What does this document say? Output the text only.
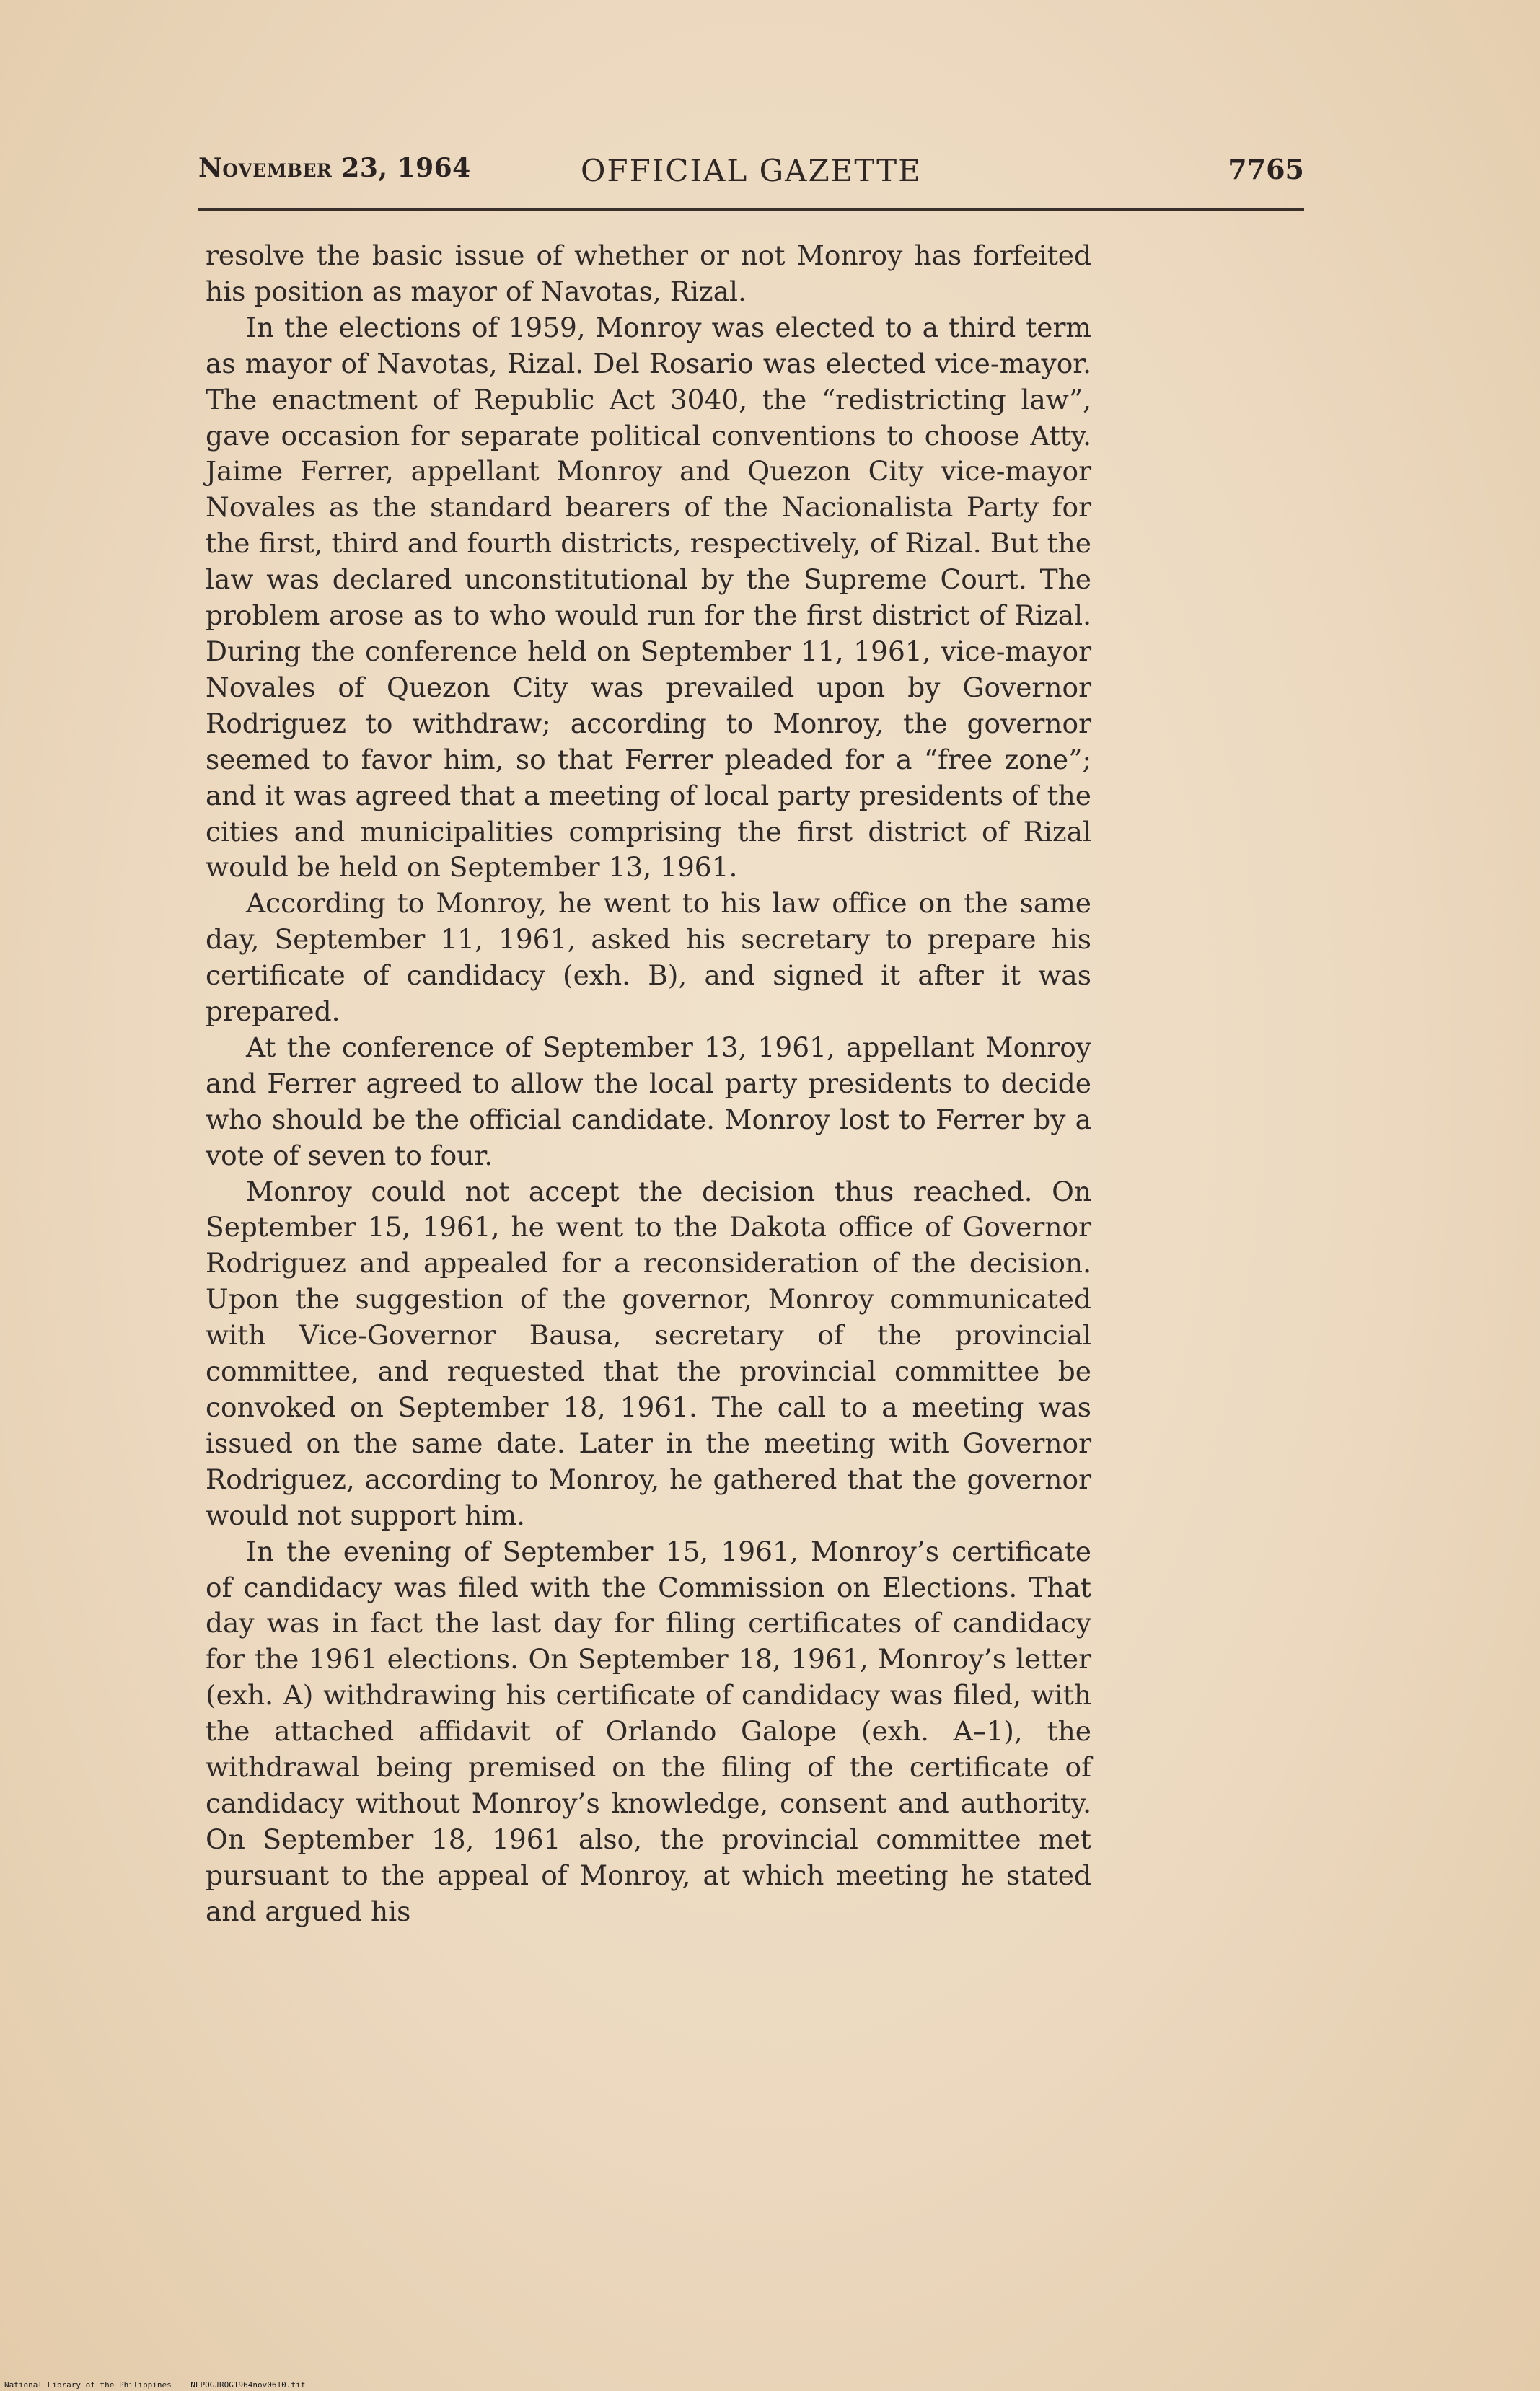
November 23, 1964	OFFICIAL GAZETTE	7765

resolve the basic issue of whether or not Monroy has forfeited his position as mayor of Navotas, Rizal.

In the elections of 1959, Monroy was elected to a third term as mayor of Navotas, Rizal. Del Rosario was elected vice-mayor. The enactment of Republic Act 3040, the “redistricting law”, gave occasion for separate political conventions to choose Atty. Jaime Ferrer, appellant Monroy and Quezon City vice-mayor Novales as the standard bearers of the Nacionalista Party for the first, third and fourth districts, respectively, of Rizal. But the law was declared unconstitutional by the Supreme Court. The problem arose as to who would run for the first district of Rizal. During the conference held on September 11, 1961, vice-mayor Novales of Quezon City was prevailed upon by Governor Rodriguez to withdraw; according to Monroy, the governor seemed to favor him, so that Ferrer pleaded for a “free zone”; and it was agreed that a meeting of local party presidents of the cities and municipalities comprising the first district of Rizal would be held on September 13, 1961.

According to Monroy, he went to his law office on the same day, September 11, 1961, asked his secretary to prepare his certificate of candidacy (exh. B), and signed it after it was prepared.

At the conference of September 13, 1961, appellant Monroy and Ferrer agreed to allow the local party presidents to decide who should be the official candidate. Monroy lost to Ferrer by a vote of seven to four.

Monroy could not accept the decision thus reached. On September 15, 1961, he went to the Dakota office of Governor Rodriguez and appealed for a reconsideration of the decision. Upon the suggestion of the governor, Monroy communicated with Vice-Governor Bausa, secretary of the provincial committee, and requested that the provincial committee be convoked on September 18, 1961. The call to a meeting was issued on the same date. Later in the meeting with Governor Rodriguez, according to Monroy, he gathered that the governor would not support him.

In the evening of September 15, 1961, Monroy’s certificate of candidacy was filed with the Commission on Elections. That day was in fact the last day for filing certificates of candidacy for the 1961 elections. On September 18, 1961, Monroy’s letter (exh. A) withdrawing his certificate of candidacy was filed, with the attached affidavit of Orlando Galope (exh. A–1), the withdrawal being premised on the filing of the certificate of candidacy without Monroy’s knowledge, consent and authority. On September 18, 1961 also, the provincial committee met pursuant to the appeal of Monroy, at which meeting he stated and argued his

National Library of the Philippines NLPOGJROG1964nov0610.tif
